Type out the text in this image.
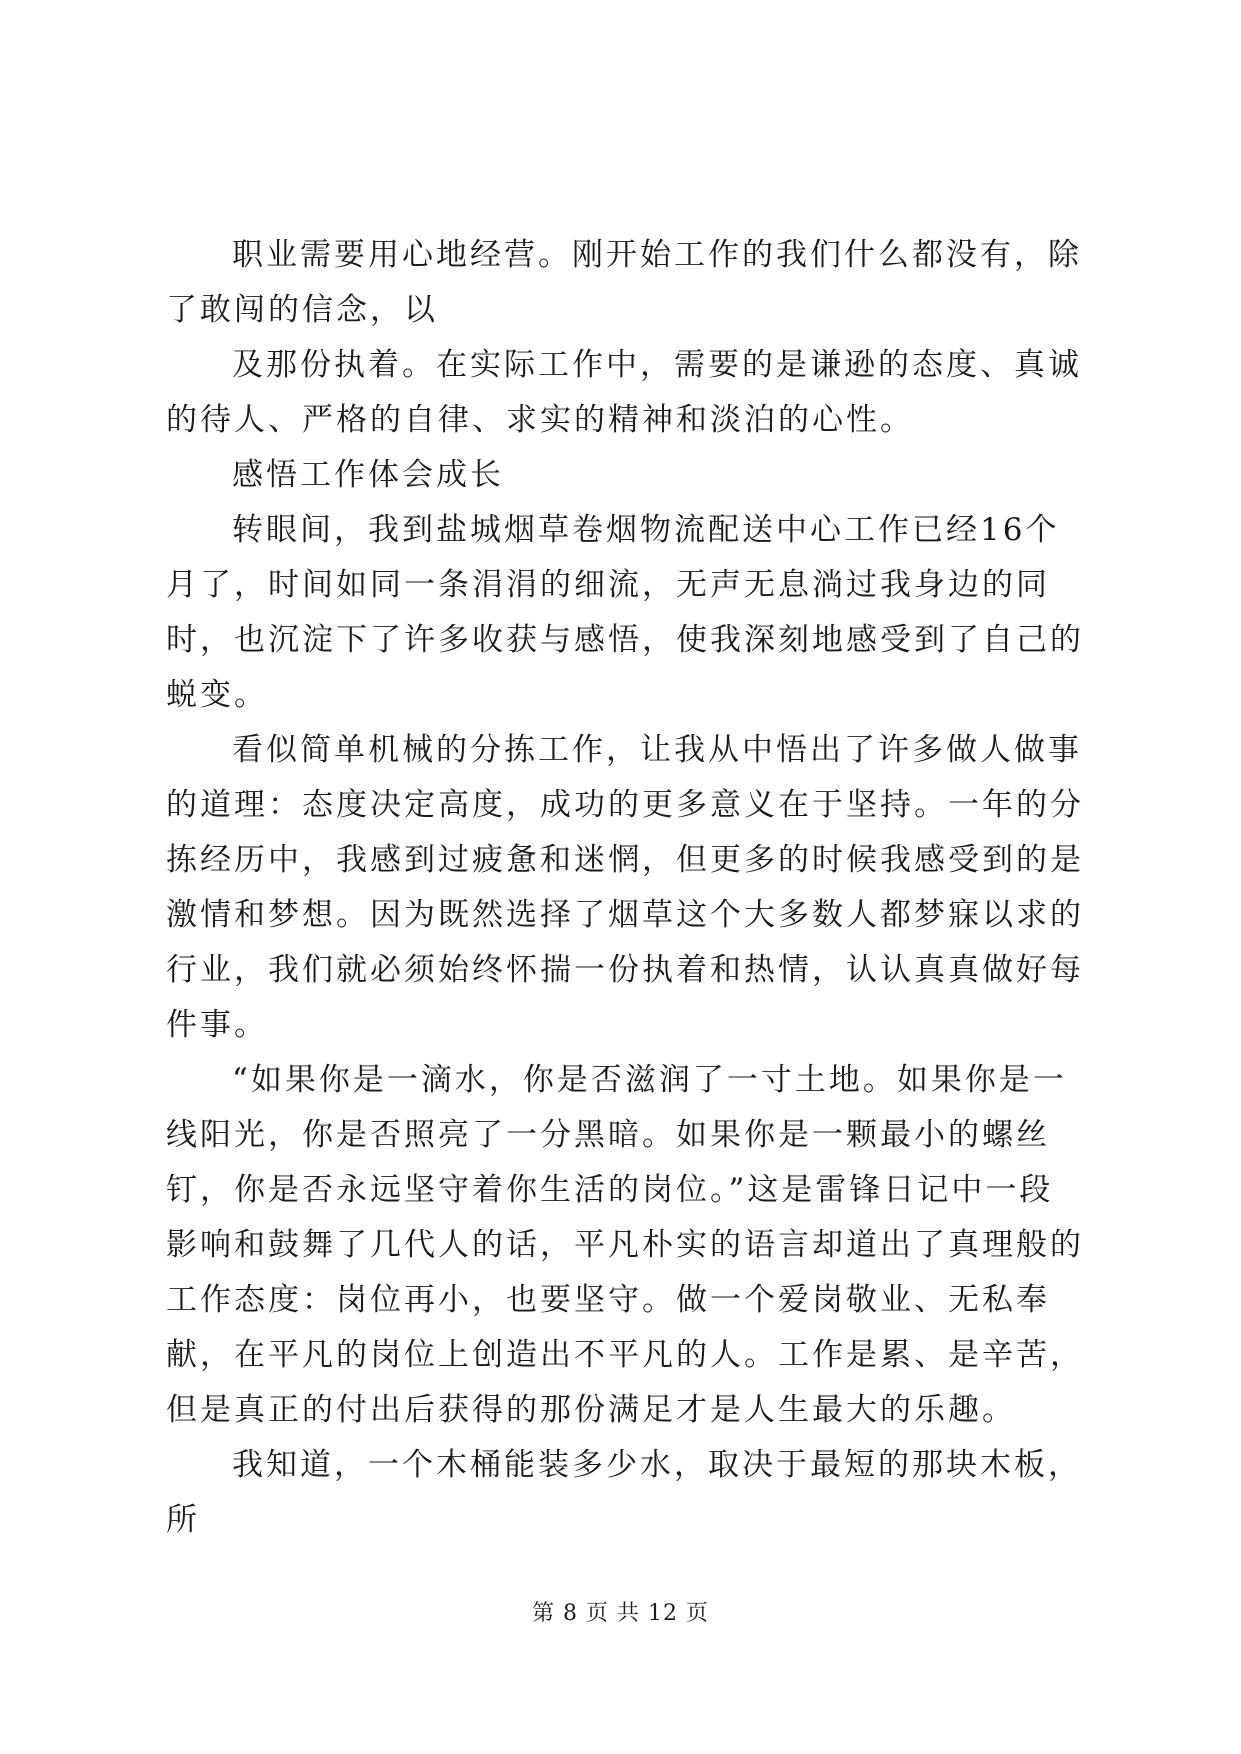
职业需要用心地经营。刚开始工作的我们什么都没有，除了敢闯的信念，以

及那份执着。在实际工作中，需要的是谦逊的态度、真诚的待人、严格的自律、求实的精神和淡泊的心性。

感悟工作体会成长

转眼间，我到盐城烟草卷烟物流配送中心工作已经16个月了，时间如同一条涓涓的细流，无声无息淌过我身边的同时，也沉淀下了许多收获与感悟，使我深刻地感受到了自己的蜕变。

看似简单机械的分拣工作，让我从中悟出了许多做人做事的道理：态度决定高度，成功的更多意义在于坚持。一年的分拣经历中，我感到过疲惫和迷惘，但更多的时候我感受到的是激情和梦想。因为既然选择了烟草这个大多数人都梦寐以求的行业，我们就必须始终怀揣一份执着和热情，认认真真做好每件事。

“如果你是一滴水，你是否滋润了一寸土地。如果你是一线阳光，你是否照亮了一分黑暗。如果你是一颗最小的螺丝钉，你是否永远坚守着你生活的岗位。”这是雷锋日记中一段影响和鼓舞了几代人的话，平凡朴实的语言却道出了真理般的工作态度：岗位再小，也要坚守。做一个爱岗敬业、无私奉献，在平凡的岗位上创造出不平凡的人。工作是累、是辛苦，但是真正的付出后获得的那份满足才是人生最大的乐趣。

我知道，一个木桶能装多少水，取决于最短的那块木板，所

第 8 页 共 12 页
